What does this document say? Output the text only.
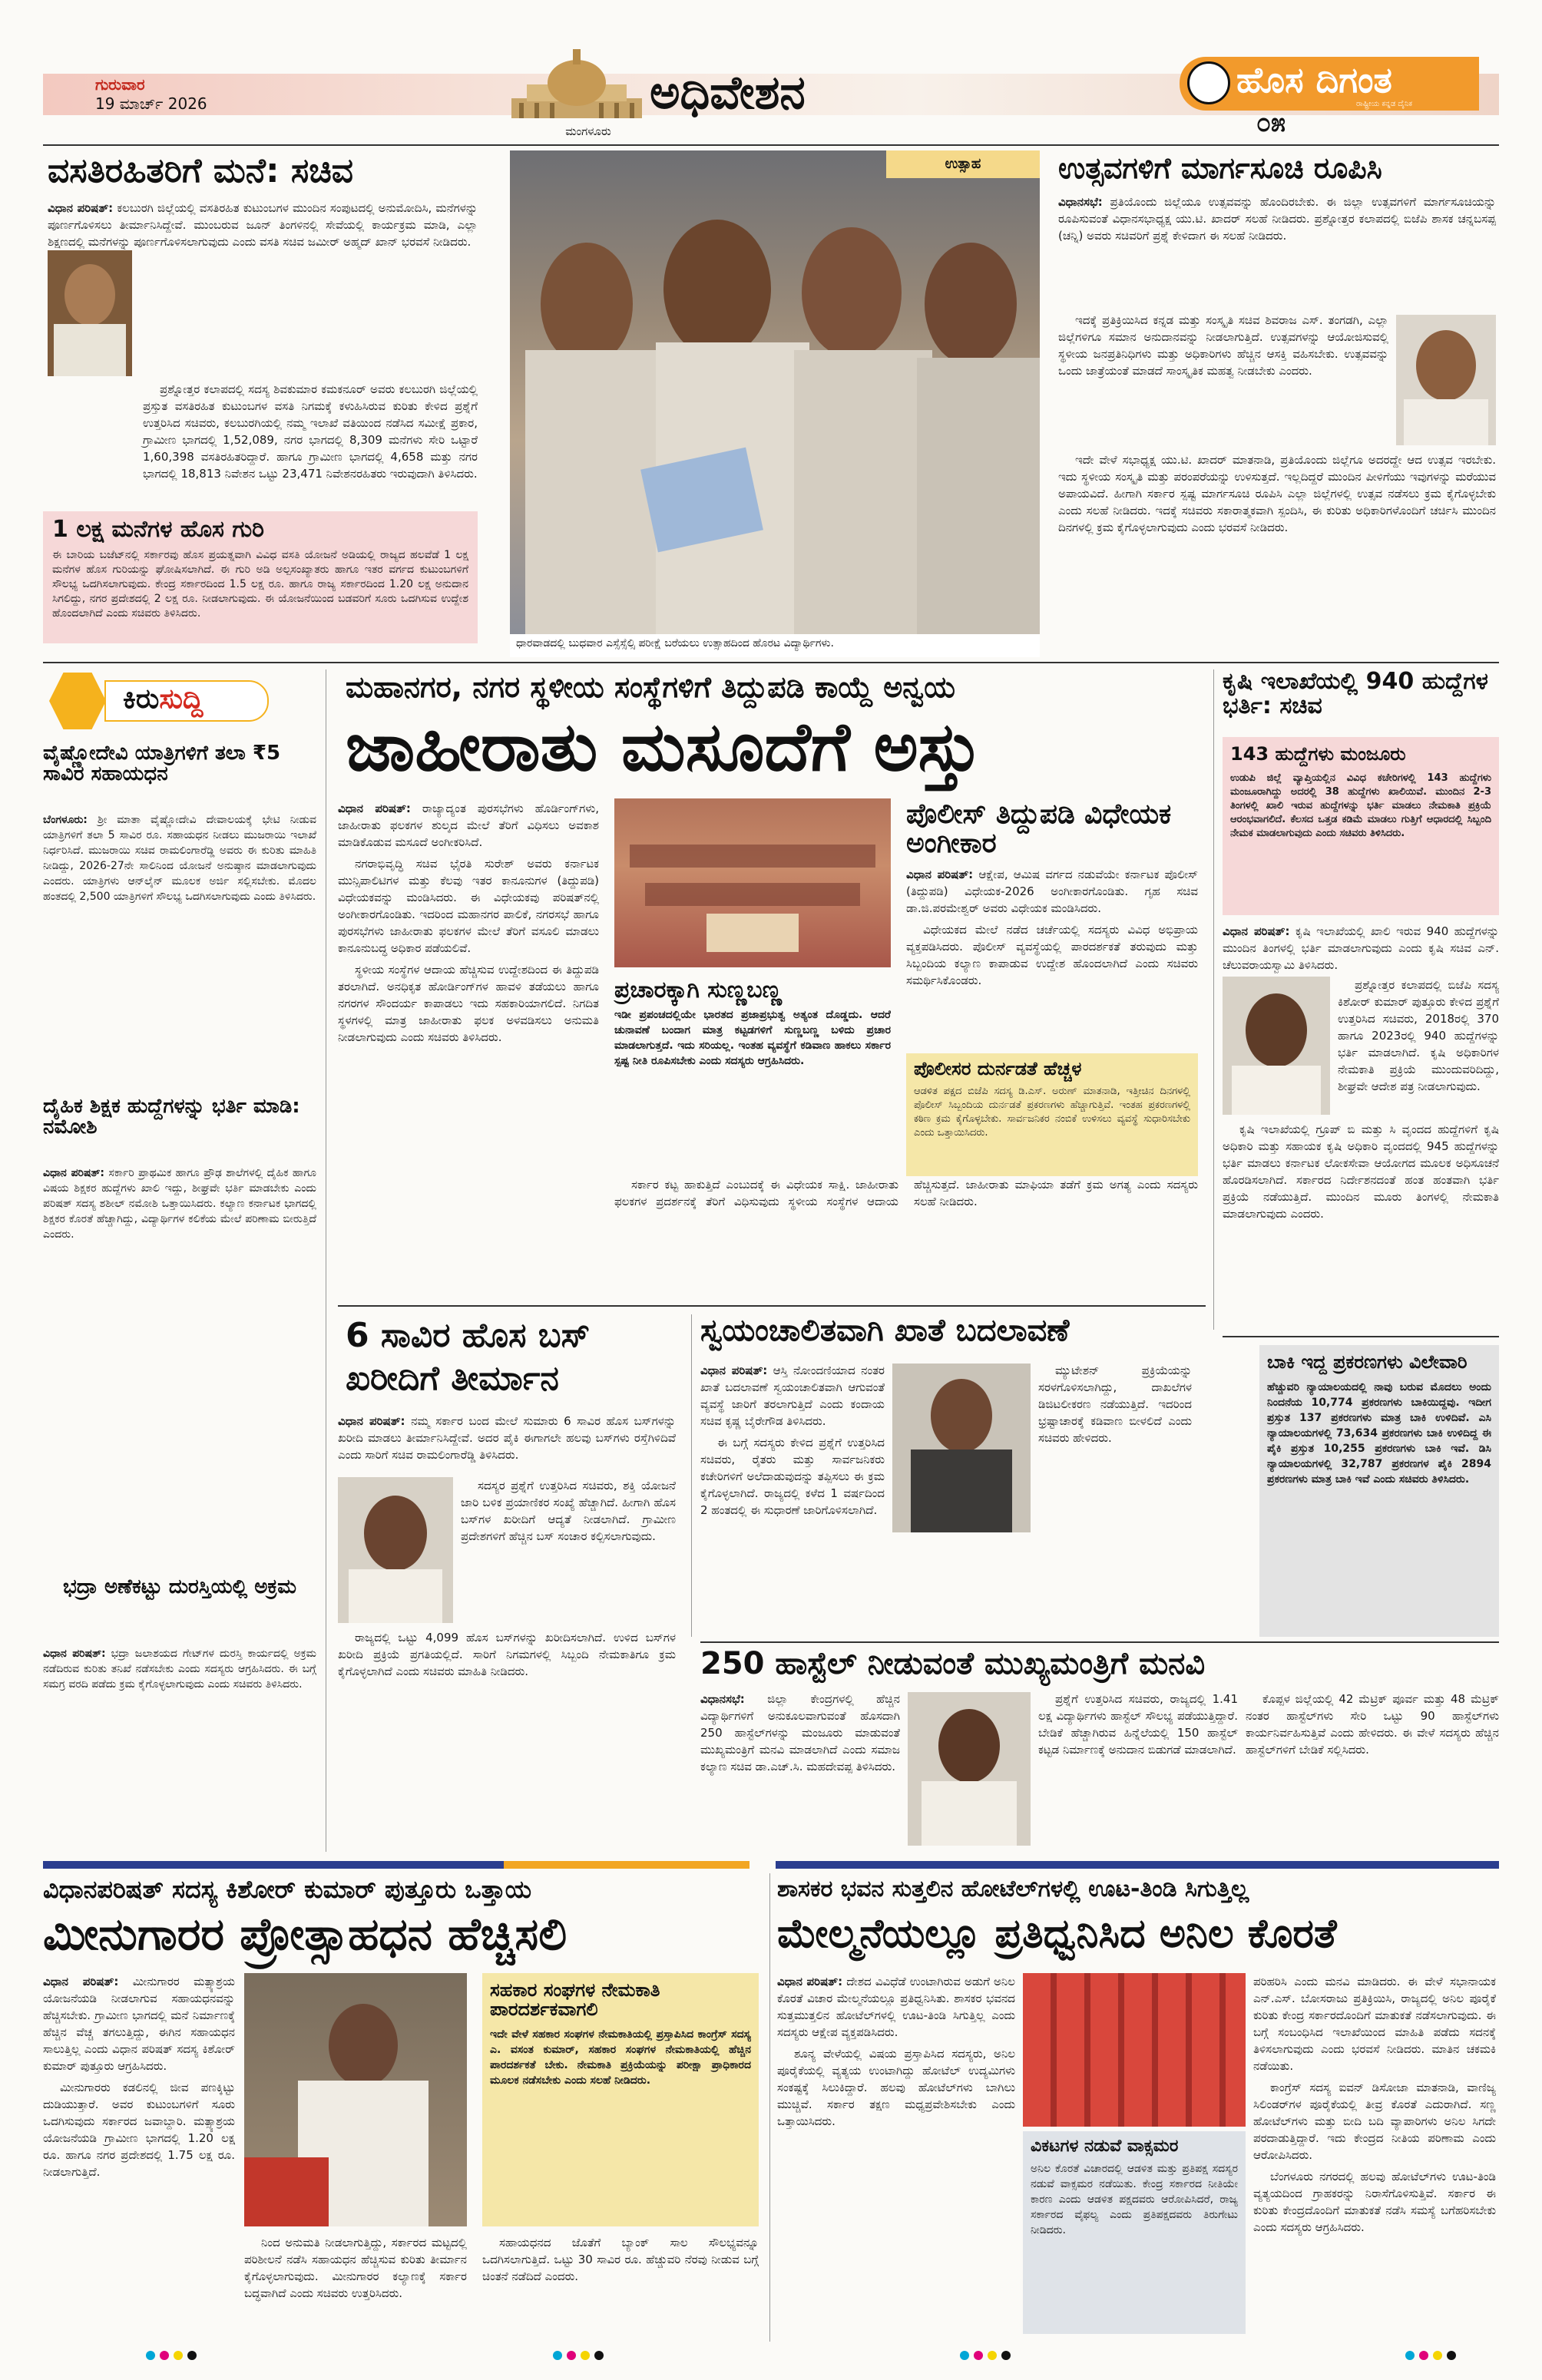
ಗುರುವಾರ
19 ಮಾರ್ಚ್ 2026
ಮಂಗಳೂರು
ಅಧಿವೇಶನ	ಹೊಸ ದಿಗಂತ
ರಾಷ್ಟ್ರೀಯ ಕನ್ನಡ ದೈನಿಕ
೦೫
ವಸತಿರಹಿತರಿಗೆ ಮನೆ: ಸಚಿವ

ವಿಧಾನ ಪರಿಷತ್: ಕಲಬುರಗಿ ಜಿಲ್ಲೆಯಲ್ಲಿ ವಸತಿರಹಿತ ಕುಟುಂಬಗಳ ಮುಂದಿನ ಸಂಪುಟದಲ್ಲಿ ಅನುಮೋದಿಸಿ, ಮನೆಗಳನ್ನು ಪೂರ್ಣಗೊಳಿಸಲು ತೀರ್ಮಾನಿಸಿದ್ದೇವೆ. ಮುಂಬರುವ ಜೂನ್ ತಿಂಗಳಿನಲ್ಲಿ ಸೇವೆಯಲ್ಲಿ ಕಾರ್ಯಕ್ರಮ ಮಾಡಿ, ಎಲ್ಲಾ ಶಿಕ್ಷಣದಲ್ಲಿ ಮನೆಗಳನ್ನು ಪೂರ್ಣಗೊಳಿಸಲಾಗುವುದು ಎಂದು ವಸತಿ ಸಚಿವ ಜಮೀರ್ ಅಹ್ಮದ್ ಖಾನ್ ಭರವಸೆ ನೀಡಿದರು.

ಪ್ರಶ್ನೋತ್ತರ ಕಲಾಪದಲ್ಲಿ ಸದಸ್ಯ ಶಿವಕುಮಾರ ಕಮಕನೂರ್ ಅವರು ಕಲಬುರಗಿ ಜಿಲ್ಲೆಯಲ್ಲಿ ಪ್ರಸ್ತುತ ವಸತಿರಹಿತ ಕುಟುಂಬಗಳ ವಸತಿ ನಿಗಮಕ್ಕೆ ಕಳುಹಿಸಿರುವ ಕುರಿತು ಕೇಳಿದ ಪ್ರಶ್ನೆಗೆ ಉತ್ತರಿಸಿದ ಸಚಿವರು, ಕಲಬುರಗಿಯಲ್ಲಿ ನಮ್ಮ ಇಲಾಖೆ ವತಿಯಿಂದ ನಡೆಸಿದ ಸಮೀಕ್ಷೆ ಪ್ರಕಾರ, ಗ್ರಾಮೀಣ ಭಾಗದಲ್ಲಿ 1,52,089, ನಗರ ಭಾಗದಲ್ಲಿ 8,309 ಮನೆಗಳು ಸೇರಿ ಒಟ್ಟಾರೆ 1,60,398 ವಸತಿರಹಿತರಿದ್ದಾರೆ. ಹಾಗೂ ಗ್ರಾಮೀಣ ಭಾಗದಲ್ಲಿ 4,658 ಮತ್ತು ನಗರ ಭಾಗದಲ್ಲಿ 18,813 ನಿವೇಶನ ಒಟ್ಟು 23,471 ನಿವೇಶನರಹಿತರು ಇರುವುದಾಗಿ ತಿಳಿಸಿದರು.

1 ಲಕ್ಷ ಮನೆಗಳ ಹೊಸ ಗುರಿ
ಈ ಬಾರಿಯ ಬಜೆಟ್‌ನಲ್ಲಿ ಸರ್ಕಾರವು ಹೊಸ ಪ್ರಯತ್ನವಾಗಿ ವಿವಿಧ ವಸತಿ ಯೋಜನೆ ಅಡಿಯಲ್ಲಿ ರಾಜ್ಯದ ಹಲವೆಡೆ 1 ಲಕ್ಷ ಮನೆಗಳ ಹೊಸ ಗುರಿಯನ್ನು ಘೋಷಿಸಲಾಗಿದೆ. ಈ ಗುರಿ ಅಡಿ ಅಲ್ಪಸಂಖ್ಯಾತರು ಹಾಗೂ ಇತರ ವರ್ಗದ ಕುಟುಂಬಗಳಿಗೆ ಸೌಲಭ್ಯ ಒದಗಿಸಲಾಗುವುದು. ಕೇಂದ್ರ ಸರ್ಕಾರದಿಂದ 1.5 ಲಕ್ಷ ರೂ. ಹಾಗೂ ರಾಜ್ಯ ಸರ್ಕಾರದಿಂದ 1.20 ಲಕ್ಷ ಅನುದಾನ ಸಿಗಲಿದ್ದು, ನಗರ ಪ್ರದೇಶದಲ್ಲಿ 2 ಲಕ್ಷ ರೂ. ನೀಡಲಾಗುವುದು. ಈ ಯೋಜನೆಯಿಂದ ಬಡವರಿಗೆ ಸೂರು ಒದಗಿಸುವ ಉದ್ದೇಶ ಹೊಂದಲಾಗಿದೆ ಎಂದು ಸಚಿವರು ತಿಳಿಸಿದರು.
ಉತ್ಸಾಹ
ಧಾರವಾಡದಲ್ಲಿ ಬುಧವಾರ ಎಸ್ಸೆಸ್ಸೆಲ್ಸಿ ಪರೀಕ್ಷೆ ಬರೆಯಲು ಉತ್ಸಾಹದಿಂದ ಹೊರಟ ವಿದ್ಯಾರ್ಥಿಗಳು.
ಉತ್ಸವಗಳಿಗೆ ಮಾರ್ಗಸೂಚಿ ರೂಪಿಸಿ

ವಿಧಾನಸಭೆ: ಪ್ರತಿಯೊಂದು ಜಿಲ್ಲೆಯೂ ಉತ್ಸವವನ್ನು ಹೊಂದಿರಬೇಕು. ಈ ಜಿಲ್ಲಾ ಉತ್ಸವಗಳಿಗೆ ಮಾರ್ಗಸೂಚಿಯನ್ನು ರೂಪಿಸುವಂತೆ ವಿಧಾನಸಭಾಧ್ಯಕ್ಷ ಯು.ಟಿ. ಖಾದರ್ ಸಲಹೆ ನೀಡಿದರು. ಪ್ರಶ್ನೋತ್ತರ ಕಲಾಪದಲ್ಲಿ ಬಿಜೆಪಿ ಶಾಸಕ ಚನ್ನಬಸಪ್ಪ (ಚನ್ನಿ) ಅವರು ಸಚಿವರಿಗೆ ಪ್ರಶ್ನೆ ಕೇಳಿದಾಗ ಈ ಸಲಹೆ ನೀಡಿದರು.

ಇದಕ್ಕೆ ಪ್ರತಿಕ್ರಿಯಿಸಿದ ಕನ್ನಡ ಮತ್ತು ಸಂಸ್ಕೃತಿ ಸಚಿವ ಶಿವರಾಜ ಎಸ್. ತಂಗಡಗಿ, ಎಲ್ಲಾ ಜಿಲ್ಲೆಗಳಿಗೂ ಸಮಾನ ಅನುದಾನವನ್ನು ನೀಡಲಾಗುತ್ತಿದೆ. ಉತ್ಸವಗಳನ್ನು ಆಯೋಜಿಸುವಲ್ಲಿ ಸ್ಥಳೀಯ ಜನಪ್ರತಿನಿಧಿಗಳು ಮತ್ತು ಅಧಿಕಾರಿಗಳು ಹೆಚ್ಚಿನ ಆಸಕ್ತಿ ವಹಿಸಬೇಕು. ಉತ್ಸವವನ್ನು ಒಂದು ಜಾತ್ರೆಯಂತೆ ಮಾಡದೆ ಸಾಂಸ್ಕೃತಿಕ ಮಹತ್ವ ನೀಡಬೇಕು ಎಂದರು.

ಇದೇ ವೇಳೆ ಸಭಾಧ್ಯಕ್ಷ ಯು.ಟಿ. ಖಾದರ್ ಮಾತನಾಡಿ, ಪ್ರತಿಯೊಂದು ಜಿಲ್ಲೆಗೂ ಅದರದ್ದೇ ಆದ ಉತ್ಸವ ಇರಬೇಕು. ಇದು ಸ್ಥಳೀಯ ಸಂಸ್ಕೃತಿ ಮತ್ತು ಪರಂಪರೆಯನ್ನು ಉಳಿಸುತ್ತದೆ. ಇಲ್ಲದಿದ್ದರೆ ಮುಂದಿನ ಪೀಳಿಗೆಯು ಇವುಗಳನ್ನು ಮರೆಯುವ ಅಪಾಯವಿದೆ. ಹೀಗಾಗಿ ಸರ್ಕಾರ ಸ್ಪಷ್ಟ ಮಾರ್ಗಸೂಚಿ ರೂಪಿಸಿ ಎಲ್ಲಾ ಜಿಲ್ಲೆಗಳಲ್ಲಿ ಉತ್ಸವ ನಡೆಸಲು ಕ್ರಮ ಕೈಗೊಳ್ಳಬೇಕು ಎಂದು ಸಲಹೆ ನೀಡಿದರು. ಇದಕ್ಕೆ ಸಚಿವರು ಸಕಾರಾತ್ಮಕವಾಗಿ ಸ್ಪಂದಿಸಿ, ಈ ಕುರಿತು ಅಧಿಕಾರಿಗಳೊಂದಿಗೆ ಚರ್ಚಿಸಿ ಮುಂದಿನ ದಿನಗಳಲ್ಲಿ ಕ್ರಮ ಕೈಗೊಳ್ಳಲಾಗುವುದು ಎಂದು ಭರವಸೆ ನೀಡಿದರು.

ಕಿರುಸುದ್ದಿ
ವೈಷ್ಣೋದೇವಿ ಯಾತ್ರಿಗಳಿಗೆ ತಲಾ ₹5 ಸಾವಿರ ಸಹಾಯಧನ

ಬೆಂಗಳೂರು: ಶ್ರೀ ಮಾತಾ ವೈಷ್ಣೋದೇವಿ ದೇವಾಲಯಕ್ಕೆ ಭೇಟಿ ನೀಡುವ ಯಾತ್ರಿಗಳಿಗೆ ತಲಾ 5 ಸಾವಿರ ರೂ. ಸಹಾಯಧನ ನೀಡಲು ಮುಜರಾಯಿ ಇಲಾಖೆ ನಿರ್ಧರಿಸಿದೆ. ಮುಜರಾಯಿ ಸಚಿವ ರಾಮಲಿಂಗಾರೆಡ್ಡಿ ಅವರು ಈ ಕುರಿತು ಮಾಹಿತಿ ನೀಡಿದ್ದು, 2026-27ನೇ ಸಾಲಿನಿಂದ ಯೋಜನೆ ಅನುಷ್ಠಾನ ಮಾಡಲಾಗುವುದು ಎಂದರು. ಯಾತ್ರಿಗಳು ಆನ್‌ಲೈನ್ ಮೂಲಕ ಅರ್ಜಿ ಸಲ್ಲಿಸಬೇಕು. ಮೊದಲ ಹಂತದಲ್ಲಿ 2,500 ಯಾತ್ರಿಗಳಿಗೆ ಸೌಲಭ್ಯ ಒದಗಿಸಲಾಗುವುದು ಎಂದು ತಿಳಿಸಿದರು.

ದೈಹಿಕ ಶಿಕ್ಷಕ ಹುದ್ದೆಗಳನ್ನು ಭರ್ತಿ ಮಾಡಿ: ನಮೋಶಿ

ವಿಧಾನ ಪರಿಷತ್: ಸರ್ಕಾರಿ ಪ್ರಾಥಮಿಕ ಹಾಗೂ ಪ್ರೌಢ ಶಾಲೆಗಳಲ್ಲಿ ದೈಹಿಕ ಹಾಗೂ ವಿಷಯ ಶಿಕ್ಷಕರ ಹುದ್ದೆಗಳು ಖಾಲಿ ಇದ್ದು, ಶೀಘ್ರವೇ ಭರ್ತಿ ಮಾಡಬೇಕು ಎಂದು ಪರಿಷತ್ ಸದಸ್ಯ ಶಶೀಲ್ ನಮೋಶಿ ಒತ್ತಾಯಿಸಿದರು. ಕಲ್ಯಾಣ ಕರ್ನಾಟಕ ಭಾಗದಲ್ಲಿ ಶಿಕ್ಷಕರ ಕೊರತೆ ಹೆಚ್ಚಾಗಿದ್ದು, ವಿದ್ಯಾರ್ಥಿಗಳ ಕಲಿಕೆಯ ಮೇಲೆ ಪರಿಣಾಮ ಬೀರುತ್ತಿದೆ ಎಂದರು.

ಭದ್ರಾ ಅಣೆಕಟ್ಟು ದುರಸ್ತಿಯಲ್ಲಿ ಅಕ್ರಮ

ವಿಧಾನ ಪರಿಷತ್: ಭದ್ರಾ ಜಲಾಶಯದ ಗೇಟ್‌ಗಳ ದುರಸ್ತಿ ಕಾರ್ಯದಲ್ಲಿ ಅಕ್ರಮ ನಡೆದಿರುವ ಕುರಿತು ತನಿಖೆ ನಡೆಸಬೇಕು ಎಂದು ಸದಸ್ಯರು ಆಗ್ರಹಿಸಿದರು. ಈ ಬಗ್ಗೆ ಸಮಗ್ರ ವರದಿ ಪಡೆದು ಕ್ರಮ ಕೈಗೊಳ್ಳಲಾಗುವುದು ಎಂದು ಸಚಿವರು ತಿಳಿಸಿದರು.

ಮಹಾನಗರ, ನಗರ ಸ್ಥಳೀಯ ಸಂಸ್ಥೆಗಳಿಗೆ ತಿದ್ದುಪಡಿ ಕಾಯ್ದೆ ಅನ್ವಯ
ಜಾಹೀರಾತು ಮಸೂದೆಗೆ ಅಸ್ತು

ವಿಧಾನ ಪರಿಷತ್: ರಾಜ್ಯಾದ್ಯಂತ ಪುರಸಭೆಗಳು ಹೊರ್ಡಿಂಗ್‌ಗಳು, ಜಾಹೀರಾತು ಫಲಕಗಳ ಶುಲ್ಕದ ಮೇಲೆ ತೆರಿಗೆ ವಿಧಿಸಲು ಅವಕಾಶ ಮಾಡಿಕೊಡುವ ಮಸೂದೆ ಅಂಗೀಕರಿಸಿದೆ.

ನಗರಾಭಿವೃದ್ಧಿ ಸಚಿವ ಭೈರತಿ ಸುರೇಶ್ ಅವರು ಕರ್ನಾಟಕ ಮುನ್ಸಿಪಾಲಿಟಿಗಳ ಮತ್ತು ಕೆಲವು ಇತರ ಕಾನೂನುಗಳ (ತಿದ್ದುಪಡಿ) ವಿಧೇಯಕವನ್ನು ಮಂಡಿಸಿದರು. ಈ ವಿಧೇಯಕವು ಪರಿಷತ್‌ನಲ್ಲಿ ಅಂಗೀಕಾರಗೊಂಡಿತು. ಇದರಿಂದ ಮಹಾನಗರ ಪಾಲಿಕೆ, ನಗರಸಭೆ ಹಾಗೂ ಪುರಸಭೆಗಳು ಜಾಹೀರಾತು ಫಲಕಗಳ ಮೇಲೆ ತೆರಿಗೆ ವಸೂಲಿ ಮಾಡಲು ಕಾನೂನುಬದ್ಧ ಅಧಿಕಾರ ಪಡೆಯಲಿವೆ.

ಸ್ಥಳೀಯ ಸಂಸ್ಥೆಗಳ ಆದಾಯ ಹೆಚ್ಚಿಸುವ ಉದ್ದೇಶದಿಂದ ಈ ತಿದ್ದುಪಡಿ ತರಲಾಗಿದೆ. ಅನಧಿಕೃತ ಹೋರ್ಡಿಂಗ್‌ಗಳ ಹಾವಳಿ ತಡೆಯಲು ಹಾಗೂ ನಗರಗಳ ಸೌಂದರ್ಯ ಕಾಪಾಡಲು ಇದು ಸಹಕಾರಿಯಾಗಲಿದೆ. ನಿಗದಿತ ಸ್ಥಳಗಳಲ್ಲಿ ಮಾತ್ರ ಜಾಹೀರಾತು ಫಲಕ ಅಳವಡಿಸಲು ಅನುಮತಿ ನೀಡಲಾಗುವುದು ಎಂದು ಸಚಿವರು ತಿಳಿಸಿದರು.

ಪ್ರಚಾರಕ್ಕಾಗಿ ಸುಣ್ಣಬಣ್ಣ
ಇಡೀ ಪ್ರಪಂಚದಲ್ಲಿಯೇ ಭಾರತದ ಪ್ರಜಾಪ್ರಭುತ್ವ ಅತ್ಯಂತ ದೊಡ್ಡದು. ಆದರೆ ಚುನಾವಣೆ ಬಂದಾಗ ಮಾತ್ರ ಕಟ್ಟಡಗಳಿಗೆ ಸುಣ್ಣಬಣ್ಣ ಬಳಿದು ಪ್ರಚಾರ ಮಾಡಲಾಗುತ್ತದೆ. ಇದು ಸರಿಯಲ್ಲ. ಇಂತಹ ವ್ಯವಸ್ಥೆಗೆ ಕಡಿವಾಣ ಹಾಕಲು ಸರ್ಕಾರ ಸ್ಪಷ್ಟ ನೀತಿ ರೂಪಿಸಬೇಕು ಎಂದು ಸದಸ್ಯರು ಆಗ್ರಹಿಸಿದರು.

ಸರ್ಕಾರ ಕಟ್ಟ ಹಾಕುತ್ತಿದೆ ಎಂಬುದಕ್ಕೆ ಈ ವಿಧೇಯಕ ಸಾಕ್ಷಿ. ಜಾಹೀರಾತು ಫಲಕಗಳ ಪ್ರದರ್ಶನಕ್ಕೆ ತೆರಿಗೆ ವಿಧಿಸುವುದು ಸ್ಥಳೀಯ ಸಂಸ್ಥೆಗಳ ಆದಾಯ ಹೆಚ್ಚಿಸುತ್ತದೆ. ಜಾಹೀರಾತು ಮಾಫಿಯಾ ತಡೆಗೆ ಕ್ರಮ ಅಗತ್ಯ ಎಂದು ಸದಸ್ಯರು ಸಲಹೆ ನೀಡಿದರು.

ಪೊಲೀಸ್ ತಿದ್ದುಪಡಿ ವಿಧೇಯಕ ಅಂಗೀಕಾರ

ವಿಧಾನ ಪರಿಷತ್: ಆಕ್ಷೇಪ, ಆಮಿಷ ವರ್ಗದ ನಡುವೆಯೇ ಕರ್ನಾಟಕ ಪೊಲೀಸ್ (ತಿದ್ದುಪಡಿ) ವಿಧೇಯಕ-2026 ಅಂಗೀಕಾರಗೊಂಡಿತು. ಗೃಹ ಸಚಿವ ಡಾ.ಜಿ.ಪರಮೇಶ್ವರ್ ಅವರು ವಿಧೇಯಕ ಮಂಡಿಸಿದರು.

ವಿಧೇಯಕದ ಮೇಲೆ ನಡೆದ ಚರ್ಚೆಯಲ್ಲಿ ಸದಸ್ಯರು ವಿವಿಧ ಅಭಿಪ್ರಾಯ ವ್ಯಕ್ತಪಡಿಸಿದರು. ಪೊಲೀಸ್ ವ್ಯವಸ್ಥೆಯಲ್ಲಿ ಪಾರದರ್ಶಕತೆ ತರುವುದು ಮತ್ತು ಸಿಬ್ಬಂದಿಯ ಕಲ್ಯಾಣ ಕಾಪಾಡುವ ಉದ್ದೇಶ ಹೊಂದಲಾಗಿದೆ ಎಂದು ಸಚಿವರು ಸಮರ್ಥಿಸಿಕೊಂಡರು.

ಪೊಲೀಸರ ದುರ್ನಡತೆ ಹೆಚ್ಚಳ
ಆಡಳಿತ ಪಕ್ಷದ ಬಿಜೆಪಿ ಸದಸ್ಯ ಡಿ.ಎಸ್. ಅರುಣ್ ಮಾತನಾಡಿ, ಇತ್ತೀಚಿನ ದಿನಗಳಲ್ಲಿ ಪೊಲೀಸ್ ಸಿಬ್ಬಂದಿಯ ದುರ್ನಡತೆ ಪ್ರಕರಣಗಳು ಹೆಚ್ಚಾಗುತ್ತಿವೆ. ಇಂತಹ ಪ್ರಕರಣಗಳಲ್ಲಿ ಕಠಿಣ ಕ್ರಮ ಕೈಗೊಳ್ಳಬೇಕು. ಸಾರ್ವಜನಿಕರ ನಂಬಿಕೆ ಉಳಿಸಲು ವ್ಯವಸ್ಥೆ ಸುಧಾರಿಸಬೇಕು ಎಂದು ಒತ್ತಾಯಿಸಿದರು.
ಕೃಷಿ ಇಲಾಖೆಯಲ್ಲಿ 940 ಹುದ್ದೆಗಳ ಭರ್ತಿ: ಸಚಿವ
143 ಹುದ್ದೆಗಳು ಮಂಜೂರು
ಉಡುಪಿ ಜಿಲ್ಲೆ ವ್ಯಾಪ್ತಿಯಲ್ಲಿನ ವಿವಿಧ ಕಚೇರಿಗಳಲ್ಲಿ 143 ಹುದ್ದೆಗಳು ಮಂಜೂರಾಗಿದ್ದು ಅದರಲ್ಲಿ 38 ಹುದ್ದೆಗಳು ಖಾಲಿಯಿವೆ. ಮುಂದಿನ 2-3 ತಿಂಗಳಲ್ಲಿ ಖಾಲಿ ಇರುವ ಹುದ್ದೆಗಳನ್ನು ಭರ್ತಿ ಮಾಡಲು ನೇಮಕಾತಿ ಪ್ರಕ್ರಿಯೆ ಆರಂಭವಾಗಲಿದೆ. ಕೆಲಸದ ಒತ್ತಡ ಕಡಿಮೆ ಮಾಡಲು ಗುತ್ತಿಗೆ ಆಧಾರದಲ್ಲಿ ಸಿಬ್ಬಂದಿ ನೇಮಕ ಮಾಡಲಾಗುವುದು ಎಂದು ಸಚಿವರು ತಿಳಿಸಿದರು.

ವಿಧಾನ ಪರಿಷತ್: ಕೃಷಿ ಇಲಾಖೆಯಲ್ಲಿ ಖಾಲಿ ಇರುವ 940 ಹುದ್ದೆಗಳನ್ನು ಮುಂದಿನ ತಿಂಗಳಲ್ಲಿ ಭರ್ತಿ ಮಾಡಲಾಗುವುದು ಎಂದು ಕೃಷಿ ಸಚಿವ ಎನ್. ಚೆಲುವರಾಯಸ್ವಾಮಿ ತಿಳಿಸಿದರು.

ಪ್ರಶ್ನೋತ್ತರ ಕಲಾಪದಲ್ಲಿ ಬಿಜೆಪಿ ಸದಸ್ಯ ಕಿಶೋರ್ ಕುಮಾರ್ ಪುತ್ತೂರು ಕೇಳಿದ ಪ್ರಶ್ನೆಗೆ ಉತ್ತರಿಸಿದ ಸಚಿವರು, 2018ರಲ್ಲಿ 370 ಹಾಗೂ 2023ರಲ್ಲಿ 940 ಹುದ್ದೆಗಳನ್ನು ಭರ್ತಿ ಮಾಡಲಾಗಿದೆ. ಕೃಷಿ ಅಧಿಕಾರಿಗಳ ನೇಮಕಾತಿ ಪ್ರಕ್ರಿಯೆ ಮುಂದುವರಿದಿದ್ದು, ಶೀಘ್ರವೇ ಆದೇಶ ಪತ್ರ ನೀಡಲಾಗುವುದು.

ಕೃಷಿ ಇಲಾಖೆಯಲ್ಲಿ ಗ್ರೂಪ್ ಬಿ ಮತ್ತು ಸಿ ವೃಂದದ ಹುದ್ದೆಗಳಿಗೆ ಕೃಷಿ ಅಧಿಕಾರಿ ಮತ್ತು ಸಹಾಯಕ ಕೃಷಿ ಅಧಿಕಾರಿ ವೃಂದದಲ್ಲಿ 945 ಹುದ್ದೆಗಳನ್ನು ಭರ್ತಿ ಮಾಡಲು ಕರ್ನಾಟಕ ಲೋಕಸೇವಾ ಆಯೋಗದ ಮೂಲಕ ಅಧಿಸೂಚನೆ ಹೊರಡಿಸಲಾಗಿದೆ. ಸರ್ಕಾರದ ನಿರ್ದೇಶನದಂತೆ ಹಂತ ಹಂತವಾಗಿ ಭರ್ತಿ ಪ್ರಕ್ರಿಯೆ ನಡೆಯುತ್ತಿದೆ. ಮುಂದಿನ ಮೂರು ತಿಂಗಳಲ್ಲಿ ನೇಮಕಾತಿ ಮಾಡಲಾಗುವುದು ಎಂದರು.

6 ಸಾವಿರ ಹೊಸ ಬಸ್ ಖರೀದಿಗೆ ತೀರ್ಮಾನ

ವಿಧಾನ ಪರಿಷತ್: ನಮ್ಮ ಸರ್ಕಾರ ಬಂದ ಮೇಲೆ ಸುಮಾರು 6 ಸಾವಿರ ಹೊಸ ಬಸ್‌ಗಳನ್ನು ಖರೀದಿ ಮಾಡಲು ತೀರ್ಮಾನಿಸಿದ್ದೇವೆ. ಅದರ ಪೈಕಿ ಈಗಾಗಲೇ ಹಲವು ಬಸ್‌ಗಳು ರಸ್ತೆಗಿಳಿದಿವೆ ಎಂದು ಸಾರಿಗೆ ಸಚಿವ ರಾಮಲಿಂಗಾರೆಡ್ಡಿ ತಿಳಿಸಿದರು.

ಸದಸ್ಯರ ಪ್ರಶ್ನೆಗೆ ಉತ್ತರಿಸಿದ ಸಚಿವರು, ಶಕ್ತಿ ಯೋಜನೆ ಜಾರಿ ಬಳಿಕ ಪ್ರಯಾಣಿಕರ ಸಂಖ್ಯೆ ಹೆಚ್ಚಾಗಿದೆ. ಹೀಗಾಗಿ ಹೊಸ ಬಸ್‌ಗಳ ಖರೀದಿಗೆ ಆದ್ಯತೆ ನೀಡಲಾಗಿದೆ. ಗ್ರಾಮೀಣ ಪ್ರದೇಶಗಳಿಗೆ ಹೆಚ್ಚಿನ ಬಸ್ ಸಂಚಾರ ಕಲ್ಪಿಸಲಾಗುವುದು.

ರಾಜ್ಯದಲ್ಲಿ ಒಟ್ಟು 4,099 ಹೊಸ ಬಸ್‌ಗಳನ್ನು ಖರೀದಿಸಲಾಗಿದೆ. ಉಳಿದ ಬಸ್‌ಗಳ ಖರೀದಿ ಪ್ರಕ್ರಿಯೆ ಪ್ರಗತಿಯಲ್ಲಿದೆ. ಸಾರಿಗೆ ನಿಗಮಗಳಲ್ಲಿ ಸಿಬ್ಬಂದಿ ನೇಮಕಾತಿಗೂ ಕ್ರಮ ಕೈಗೊಳ್ಳಲಾಗಿದೆ ಎಂದು ಸಚಿವರು ಮಾಹಿತಿ ನೀಡಿದರು.

ಸ್ವಯಂಚಾಲಿತವಾಗಿ ಖಾತೆ ಬದಲಾವಣೆ

ವಿಧಾನ ಪರಿಷತ್: ಆಸ್ತಿ ನೋಂದಣಿಯಾದ ನಂತರ ಖಾತೆ ಬದಲಾವಣೆ ಸ್ವಯಂಚಾಲಿತವಾಗಿ ಆಗುವಂತೆ ವ್ಯವಸ್ಥೆ ಜಾರಿಗೆ ತರಲಾಗುತ್ತಿದೆ ಎಂದು ಕಂದಾಯ ಸಚಿವ ಕೃಷ್ಣ ಬೈರೇಗೌಡ ತಿಳಿಸಿದರು.

ಈ ಬಗ್ಗೆ ಸದಸ್ಯರು ಕೇಳಿದ ಪ್ರಶ್ನೆಗೆ ಉತ್ತರಿಸಿದ ಸಚಿವರು, ರೈತರು ಮತ್ತು ಸಾರ್ವಜನಿಕರು ಕಚೇರಿಗಳಿಗೆ ಅಲೆದಾಡುವುದನ್ನು ತಪ್ಪಿಸಲು ಈ ಕ್ರಮ ಕೈಗೊಳ್ಳಲಾಗಿದೆ. ರಾಜ್ಯದಲ್ಲಿ ಕಳೆದ 1 ವರ್ಷದಿಂದ 2 ಹಂತದಲ್ಲಿ ಈ ಸುಧಾರಣೆ ಜಾರಿಗೊಳಿಸಲಾಗಿದೆ.

ಮ್ಯುಟೇಶನ್ ಪ್ರಕ್ರಿಯೆಯನ್ನು ಸರಳಗೊಳಿಸಲಾಗಿದ್ದು, ದಾಖಲೆಗಳ ಡಿಜಿಟಲೀಕರಣ ನಡೆಯುತ್ತಿದೆ. ಇದರಿಂದ ಭ್ರಷ್ಟಾಚಾರಕ್ಕೆ ಕಡಿವಾಣ ಬೀಳಲಿದೆ ಎಂದು ಸಚಿವರು ಹೇಳಿದರು.

ಬಾಕಿ ಇದ್ದ ಪ್ರಕರಣಗಳು ವಿಲೇವಾರಿ
ಹೆಚ್ಚುವರಿ ನ್ಯಾಯಾಲಯದಲ್ಲಿ ನಾವು ಬರುವ ಮೊದಲು ಅಂದು ನಿಂದನೆಯ 10,774 ಪ್ರಕರಣಗಳು ಬಾಕಿಯಿದ್ದವು. ಇದೀಗ ಪ್ರಸ್ತುತ 137 ಪ್ರಕರಣಗಳು ಮಾತ್ರ ಬಾಕಿ ಉಳಿದಿವೆ. ಎಸಿ ನ್ಯಾಯಾಲಯಗಳಲ್ಲಿ 73,634 ಪ್ರಕರಣಗಳು ಬಾಕಿ ಉಳಿದಿದ್ದ ಈ ಪೈಕಿ ಪ್ರಸ್ತುತ 10,255 ಪ್ರಕರಣಗಳು ಬಾಕಿ ಇವೆ. ಡಿಸಿ ನ್ಯಾಯಾಲಯಗಳಲ್ಲಿ 32,787 ಪ್ರಕರಣಗಳ ಪೈಕಿ 2894 ಪ್ರಕರಣಗಳು ಮಾತ್ರ ಬಾಕಿ ಇವೆ ಎಂದು ಸಚಿವರು ತಿಳಿಸಿದರು.
250 ಹಾಸ್ಟೆಲ್ ನೀಡುವಂತೆ ಮುಖ್ಯಮಂತ್ರಿಗೆ ಮನವಿ

ವಿಧಾನಸಭೆ: ಜಿಲ್ಲಾ ಕೇಂದ್ರಗಳಲ್ಲಿ ಹೆಚ್ಚಿನ ವಿದ್ಯಾರ್ಥಿಗಳಿಗೆ ಅನುಕೂಲವಾಗುವಂತೆ ಹೊಸದಾಗಿ 250 ಹಾಸ್ಟೆಲ್‌ಗಳನ್ನು ಮಂಜೂರು ಮಾಡುವಂತೆ ಮುಖ್ಯಮಂತ್ರಿಗೆ ಮನವಿ ಮಾಡಲಾಗಿದೆ ಎಂದು ಸಮಾಜ ಕಲ್ಯಾಣ ಸಚಿವ ಡಾ.ಎಚ್.ಸಿ. ಮಹದೇವಪ್ಪ ತಿಳಿಸಿದರು.

ಪ್ರಶ್ನೆಗೆ ಉತ್ತರಿಸಿದ ಸಚಿವರು, ರಾಜ್ಯದಲ್ಲಿ 1.41 ಲಕ್ಷ ವಿದ್ಯಾರ್ಥಿಗಳು ಹಾಸ್ಟೆಲ್ ಸೌಲಭ್ಯ ಪಡೆಯುತ್ತಿದ್ದಾರೆ. ಬೇಡಿಕೆ ಹೆಚ್ಚಾಗಿರುವ ಹಿನ್ನೆಲೆಯಲ್ಲಿ 150 ಹಾಸ್ಟೆಲ್ ಕಟ್ಟಡ ನಿರ್ಮಾಣಕ್ಕೆ ಅನುದಾನ ಬಿಡುಗಡೆ ಮಾಡಲಾಗಿದೆ.

ಕೊಪ್ಪಳ ಜಿಲ್ಲೆಯಲ್ಲಿ 42 ಮೆಟ್ರಿಕ್ ಪೂರ್ವ ಮತ್ತು 48 ಮೆಟ್ರಿಕ್ ನಂತರ ಹಾಸ್ಟೆಲ್‌ಗಳು ಸೇರಿ ಒಟ್ಟು 90 ಹಾಸ್ಟೆಲ್‌ಗಳು ಕಾರ್ಯನಿರ್ವಹಿಸುತ್ತಿವೆ ಎಂದು ಹೇಳಿದರು. ಈ ವೇಳೆ ಸದಸ್ಯರು ಹೆಚ್ಚಿನ ಹಾಸ್ಟೆಲ್‌ಗಳಿಗೆ ಬೇಡಿಕೆ ಸಲ್ಲಿಸಿದರು.

ವಿಧಾನಪರಿಷತ್ ಸದಸ್ಯ ಕಿಶೋರ್ ಕುಮಾರ್ ಪುತ್ತೂರು ಒತ್ತಾಯ
ಮೀನುಗಾರರ ಪ್ರೋತ್ಸಾಹಧನ ಹೆಚ್ಚಿಸಲಿ

ವಿಧಾನ ಪರಿಷತ್: ಮೀನುಗಾರರ ಮತ್ಸ್ಯಾಶ್ರಯ ಯೋಜನೆಯಡಿ ನೀಡಲಾಗುವ ಸಹಾಯಧನವನ್ನು ಹೆಚ್ಚಿಸಬೇಕು. ಗ್ರಾಮೀಣ ಭಾಗದಲ್ಲಿ ಮನೆ ನಿರ್ಮಾಣಕ್ಕೆ ಹೆಚ್ಚಿನ ವೆಚ್ಚ ತಗಲುತ್ತಿದ್ದು, ಈಗಿನ ಸಹಾಯಧನ ಸಾಲುತ್ತಿಲ್ಲ ಎಂದು ವಿಧಾನ ಪರಿಷತ್ ಸದಸ್ಯ ಕಿಶೋರ್ ಕುಮಾರ್ ಪುತ್ತೂರು ಆಗ್ರಹಿಸಿದರು.

ಮೀನುಗಾರರು ಕಡಲಿನಲ್ಲಿ ಜೀವ ಪಣಕ್ಕಿಟ್ಟು ದುಡಿಯುತ್ತಾರೆ. ಅವರ ಕುಟುಂಬಗಳಿಗೆ ಸೂರು ಒದಗಿಸುವುದು ಸರ್ಕಾರದ ಜವಾಬ್ದಾರಿ. ಮತ್ಸ್ಯಾಶ್ರಯ ಯೋಜನೆಯಡಿ ಗ್ರಾಮೀಣ ಭಾಗದಲ್ಲಿ 1.20 ಲಕ್ಷ ರೂ. ಹಾಗೂ ನಗರ ಪ್ರದೇಶದಲ್ಲಿ 1.75 ಲಕ್ಷ ರೂ. ನೀಡಲಾಗುತ್ತಿದೆ.

ಸಹಕಾರ ಸಂಘಗಳ ನೇಮಕಾತಿ ಪಾರದರ್ಶಕವಾಗಲಿ
ಇದೇ ವೇಳೆ ಸಹಕಾರ ಸಂಘಗಳ ನೇಮಕಾತಿಯಲ್ಲಿ ಪ್ರಸ್ತಾಪಿಸಿದ ಕಾಂಗ್ರೆಸ್ ಸದಸ್ಯ ಎ. ವಸಂತ ಕುಮಾರ್, ಸಹಕಾರ ಸಂಘಗಳ ನೇಮಕಾತಿಯಲ್ಲಿ ಹೆಚ್ಚಿನ ಪಾರದರ್ಶಕತೆ ಬೇಕು. ನೇಮಕಾತಿ ಪ್ರಕ್ರಿಯೆಯನ್ನು ಪರೀಕ್ಷಾ ಪ್ರಾಧಿಕಾರದ ಮೂಲಕ ನಡೆಸಬೇಕು ಎಂದು ಸಲಹೆ ನೀಡಿದರು.

ನಿಂದ ಅನುಮತಿ ನೀಡಲಾಗುತ್ತಿದ್ದು, ಸರ್ಕಾರದ ಮಟ್ಟದಲ್ಲಿ ಪರಿಶೀಲನೆ ನಡೆಸಿ ಸಹಾಯಧನ ಹೆಚ್ಚಿಸುವ ಕುರಿತು ತೀರ್ಮಾನ ಕೈಗೊಳ್ಳಲಾಗುವುದು. ಮೀನುಗಾರರ ಕಲ್ಯಾಣಕ್ಕೆ ಸರ್ಕಾರ ಬದ್ಧವಾಗಿದೆ ಎಂದು ಸಚಿವರು ಉತ್ತರಿಸಿದರು.

ಸಹಾಯಧನದ ಜೊತೆಗೆ ಬ್ಯಾಂಕ್ ಸಾಲ ಸೌಲಭ್ಯವನ್ನೂ ಒದಗಿಸಲಾಗುತ್ತಿದೆ. ಒಟ್ಟು 30 ಸಾವಿರ ರೂ. ಹೆಚ್ಚುವರಿ ನೆರವು ನೀಡುವ ಬಗ್ಗೆ ಚಿಂತನೆ ನಡೆದಿದೆ ಎಂದರು.

ಶಾಸಕರ ಭವನ ಸುತ್ತಲಿನ ಹೋಟೆಲ್‌ಗಳಲ್ಲಿ ಊಟ-ತಿಂಡಿ ಸಿಗುತ್ತಿಲ್ಲ
ಮೇಲ್ಮನೆಯಲ್ಲೂ ಪ್ರತಿಧ್ವನಿಸಿದ ಅನಿಲ ಕೊರತೆ

ವಿಧಾನ ಪರಿಷತ್: ದೇಶದ ವಿವಿಧೆಡೆ ಉಂಟಾಗಿರುವ ಅಡುಗೆ ಅನಿಲ ಕೊರತೆ ವಿಚಾರ ಮೇಲ್ಮನೆಯಲ್ಲೂ ಪ್ರತಿಧ್ವನಿಸಿತು. ಶಾಸಕರ ಭವನದ ಸುತ್ತಮುತ್ತಲಿನ ಹೋಟೆಲ್‌ಗಳಲ್ಲಿ ಊಟ-ತಿಂಡಿ ಸಿಗುತ್ತಿಲ್ಲ ಎಂದು ಸದಸ್ಯರು ಆಕ್ಷೇಪ ವ್ಯಕ್ತಪಡಿಸಿದರು.

ಶೂನ್ಯ ವೇಳೆಯಲ್ಲಿ ವಿಷಯ ಪ್ರಸ್ತಾಪಿಸಿದ ಸದಸ್ಯರು, ಅನಿಲ ಪೂರೈಕೆಯಲ್ಲಿ ವ್ಯತ್ಯಯ ಉಂಟಾಗಿದ್ದು ಹೋಟೆಲ್ ಉದ್ಯಮಿಗಳು ಸಂಕಷ್ಟಕ್ಕೆ ಸಿಲುಕಿದ್ದಾರೆ. ಹಲವು ಹೋಟೆಲ್‌ಗಳು ಬಾಗಿಲು ಮುಚ್ಚಿವೆ. ಸರ್ಕಾರ ತಕ್ಷಣ ಮಧ್ಯಪ್ರವೇಶಿಸಬೇಕು ಎಂದು ಒತ್ತಾಯಿಸಿದರು.

ವಿಕಟಗಳ ನಡುವೆ ವಾಕ್ಸಮರ
ಅನಿಲ ಕೊರತೆ ವಿಚಾರದಲ್ಲಿ ಆಡಳಿತ ಮತ್ತು ಪ್ರತಿಪಕ್ಷ ಸದಸ್ಯರ ನಡುವೆ ವಾಕ್ಸಮರ ನಡೆಯಿತು. ಕೇಂದ್ರ ಸರ್ಕಾರದ ನೀತಿಯೇ ಕಾರಣ ಎಂದು ಆಡಳಿತ ಪಕ್ಷದವರು ಆರೋಪಿಸಿದರೆ, ರಾಜ್ಯ ಸರ್ಕಾರದ ವೈಫಲ್ಯ ಎಂದು ಪ್ರತಿಪಕ್ಷದವರು ತಿರುಗೇಟು ನೀಡಿದರು.

ಪರಿಹರಿಸಿ ಎಂದು ಮನವಿ ಮಾಡಿದರು. ಈ ವೇಳೆ ಸಭಾನಾಯಕ ಎನ್.ಎಸ್. ಬೋಸರಾಜು ಪ್ರತಿಕ್ರಿಯಿಸಿ, ರಾಜ್ಯದಲ್ಲಿ ಅನಿಲ ಪೂರೈಕೆ ಕುರಿತು ಕೇಂದ್ರ ಸರ್ಕಾರದೊಂದಿಗೆ ಮಾತುಕತೆ ನಡೆಸಲಾಗುವುದು. ಈ ಬಗ್ಗೆ ಸಂಬಂಧಿಸಿದ ಇಲಾಖೆಯಿಂದ ಮಾಹಿತಿ ಪಡೆದು ಸದನಕ್ಕೆ ತಿಳಿಸಲಾಗುವುದು ಎಂದು ಭರವಸೆ ನೀಡಿದರು. ಮಾತಿನ ಚಕಮಕಿ ನಡೆಯಿತು.

ಕಾಂಗ್ರೆಸ್ ಸದಸ್ಯ ಐವನ್ ಡಿಸೋಜಾ ಮಾತನಾಡಿ, ವಾಣಿಜ್ಯ ಸಿಲಿಂಡರ್‌ಗಳ ಪೂರೈಕೆಯಲ್ಲಿ ತೀವ್ರ ಕೊರತೆ ಎದುರಾಗಿದೆ. ಸಣ್ಣ ಹೋಟೆಲ್‌ಗಳು ಮತ್ತು ಬೀದಿ ಬದಿ ವ್ಯಾಪಾರಿಗಳು ಅನಿಲ ಸಿಗದೇ ಪರದಾಡುತ್ತಿದ್ದಾರೆ. ಇದು ಕೇಂದ್ರದ ನೀತಿಯ ಪರಿಣಾಮ ಎಂದು ಆರೋಪಿಸಿದರು.

ಬೆಂಗಳೂರು ನಗರದಲ್ಲಿ ಹಲವು ಹೋಟೆಲ್‌ಗಳು ಊಟ-ತಿಂಡಿ ವ್ಯತ್ಯಯದಿಂದ ಗ್ರಾಹಕರನ್ನು ನಿರಾಸೆಗೊಳಿಸುತ್ತಿವೆ. ಸರ್ಕಾರ ಈ ಕುರಿತು ಕೇಂದ್ರದೊಂದಿಗೆ ಮಾತುಕತೆ ನಡೆಸಿ ಸಮಸ್ಯೆ ಬಗೆಹರಿಸಬೇಕು ಎಂದು ಸದಸ್ಯರು ಆಗ್ರಹಿಸಿದರು.
